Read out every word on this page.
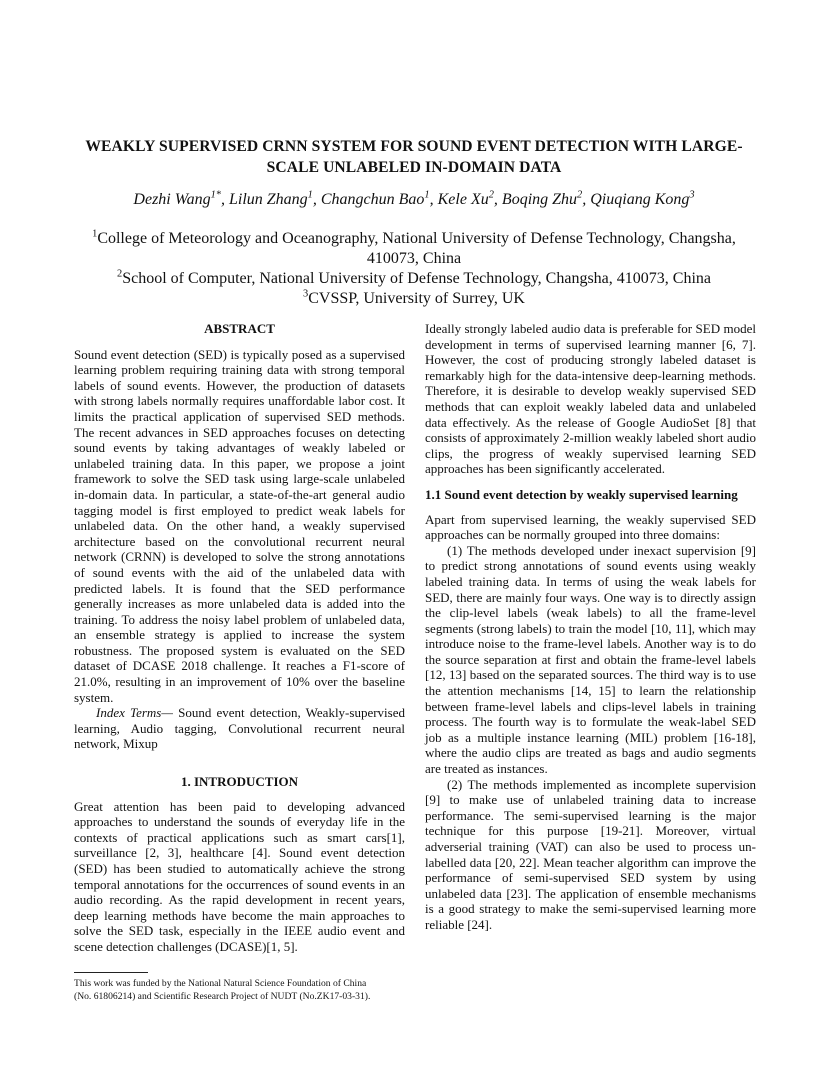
WEAKLY SUPERVISED CRNN SYSTEM FOR SOUND EVENT DETECTION WITH LARGE-
SCALE UNLABELED IN-DOMAIN DATA
Dezhi Wang$^{1*}$, Lilun Zhang$^1$, Changchun Bao$^1$, Kele Xu$^2$, Boqing Zhu$^2$, Qiuqiang Kong$^3$
$^1$College of Meteorology and Oceanography, National University of Defense Technology, Changsha,
410073, China
$^2$School of Computer, National University of Defense Technology, Changsha, 410073, China
$^3$CVSSP, University of Surrey, UK

ABSTRACT

Sound event detection (SED) is typically posed as a supervised learning problem requiring training data with strong temporal labels of sound events. However, the production of datasets with strong labels normally requires unaffordable labor cost. It limits the practical application of supervised SED methods. The recent advances in SED approaches focuses on detecting sound events by taking advantages of weakly labeled or unlabeled training data. In this paper, we propose a joint framework to solve the SED task using large-scale unlabeled in-domain data. In particular, a state-of-the-art general audio tagging model is first employed to predict weak labels for unlabeled data. On the other hand, a weakly supervised architecture based on the convolutional recurrent neural network (CRNN) is developed to solve the strong annotations of sound events with the aid of the unlabeled data with predicted labels. It is found that the SED performance generally increases as more unlabeled data is added into the training. To address the noisy label problem of unlabeled data, an ensemble strategy is applied to increase the system robustness. The proposed system is evaluated on the SED dataset of DCASE 2018 challenge. It reaches a F1-score of 21.0%, resulting in an improvement of 10% over the baseline system.

Index Terms— Sound event detection, Weakly-supervised learning, Audio tagging, Convolutional recurrent neural network, Mixup

1. INTRODUCTION

Great attention has been paid to developing advanced approaches to understand the sounds of everyday life in the contexts of practical applications such as smart cars[1], surveillance [2, 3], healthcare [4]. Sound event detection (SED) has been studied to automatically achieve the strong temporal annotations for the occurrences of sound events in an audio recording. As the rapid development in recent years, deep learning methods have become the main approaches to solve the SED task, especially in the IEEE audio event and scene detection challenges (DCASE)[1, 5].

Ideally strongly labeled audio data is preferable for SED model development in terms of supervised learning manner [6, 7]. However, the cost of producing strongly labeled dataset is remarkably high for the data-intensive deep-learning methods. Therefore, it is desirable to develop weakly supervised SED methods that can exploit weakly labeled data and unlabeled data effectively. As the release of Google AudioSet [8] that consists of approximately 2-million weakly labeled short audio clips, the progress of weakly supervised learning SED approaches has been significantly accelerated.

1.1 Sound event detection by weakly supervised learning

Apart from supervised learning, the weakly supervised SED approaches can be normally grouped into three domains:

(1) The methods developed under inexact supervision [9] to predict strong annotations of sound events using weakly labeled training data. In terms of using the weak labels for SED, there are mainly four ways. One way is to directly assign the clip-level labels (weak labels) to all the frame-level segments (strong labels) to train the model [10, 11], which may introduce noise to the frame-level labels. Another way is to do the source separation at first and obtain the frame-level labels [12, 13] based on the separated sources. The third way is to use the attention mechanisms [14, 15] to learn the relationship between frame-level labels and clips-level labels in training process. The fourth way is to formulate the weak-label SED job as a multiple instance learning (MIL) problem [16-18], where the audio clips are treated as bags and audio segments are treated as instances.

(2) The methods implemented as incomplete supervision [9] to make use of unlabeled training data to increase performance. The semi-supervised learning is the major technique for this purpose [19-21]. Moreover, virtual adverserial training (VAT) can also be used to process un-labelled data [20, 22]. Mean teacher algorithm can improve the performance of semi-supervised SED system by using unlabeled data [23]. The application of ensemble mechanisms is a good strategy to make the semi-supervised learning more reliable [24].

This work was funded by the National Natural Science Foundation of China
(No. 61806214) and Scientific Research Project of NUDT (No.ZK17-03-31).
